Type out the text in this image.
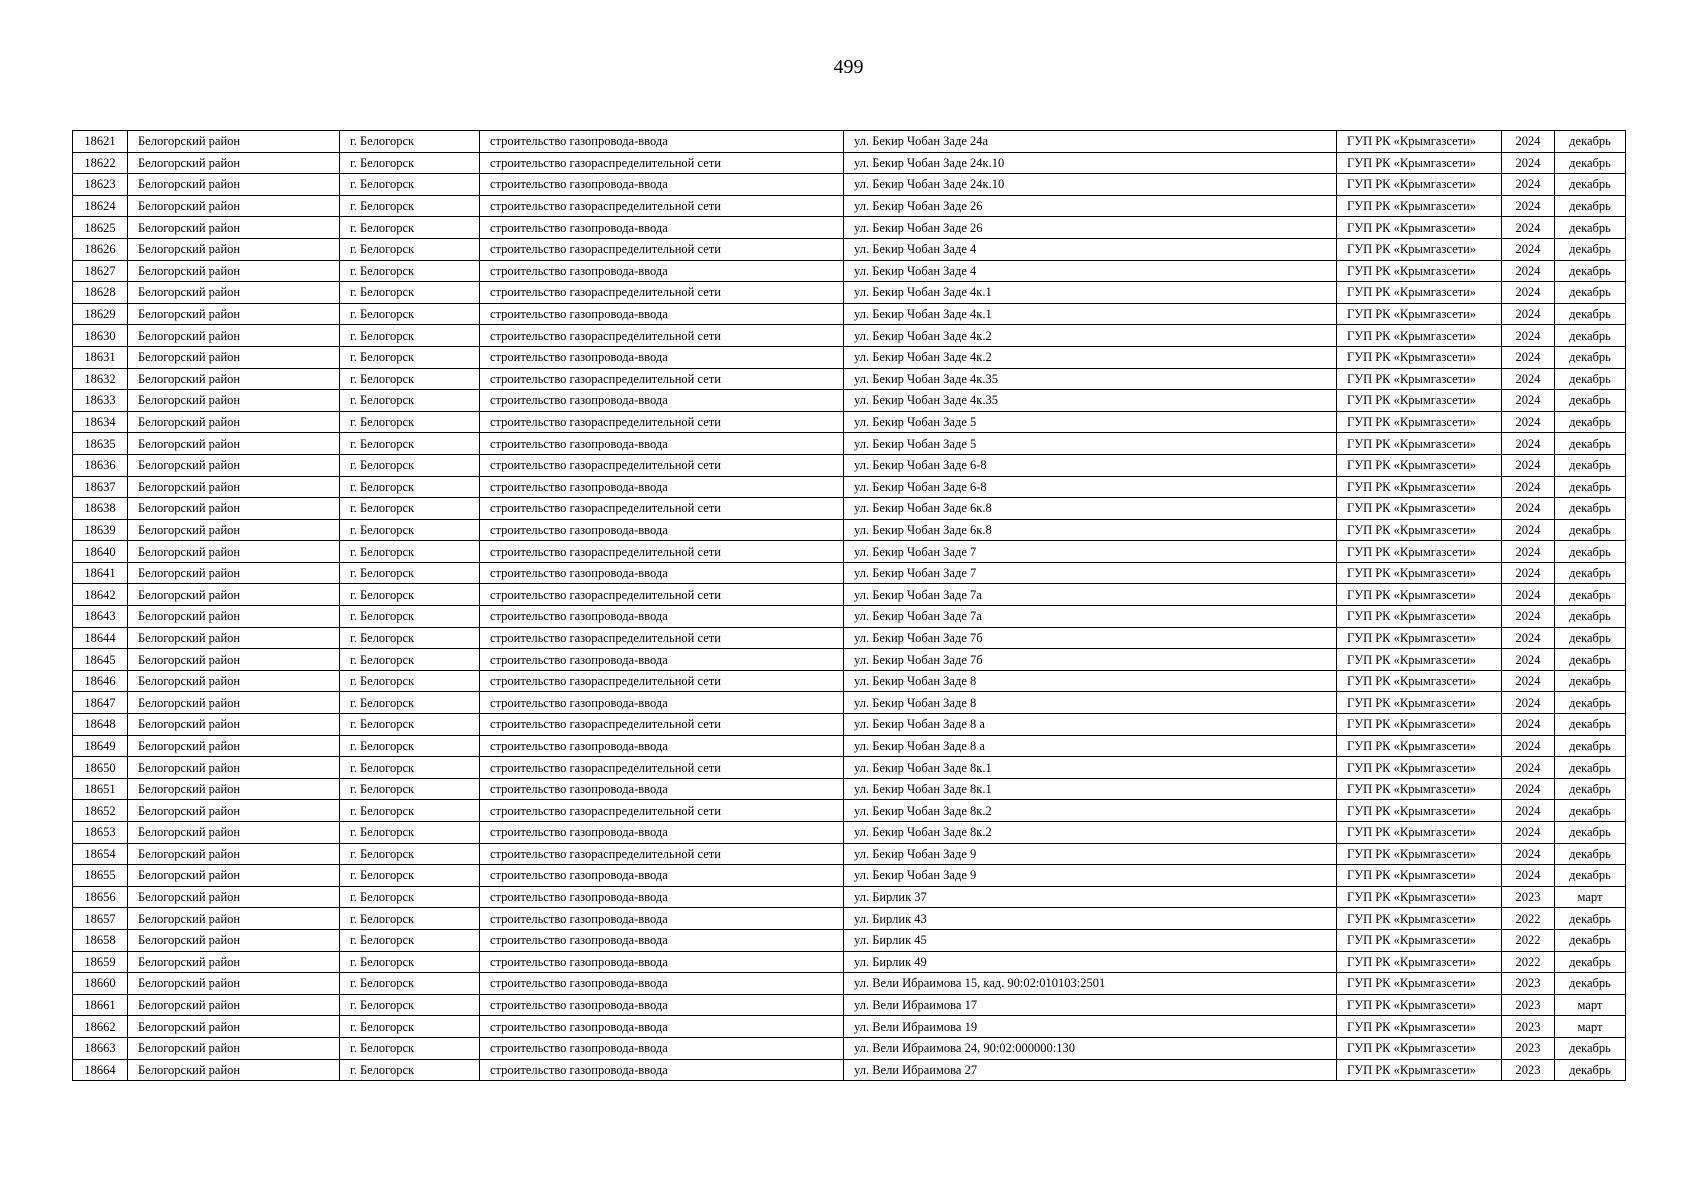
499
18621	Белогорский район	г. Белогорск	строительство газопровода-ввода	ул. Бекир Чобан Заде 24а	ГУП РК «Крымгазсети»	2024	декабрь
18622	Белогорский район	г. Белогорск	строительство газораспределительной сети	ул. Бекир Чобан Заде 24к.10	ГУП РК «Крымгазсети»	2024	декабрь
18623	Белогорский район	г. Белогорск	строительство газопровода-ввода	ул. Бекир Чобан Заде 24к.10	ГУП РК «Крымгазсети»	2024	декабрь
18624	Белогорский район	г. Белогорск	строительство газораспределительной сети	ул. Бекир Чобан Заде 26	ГУП РК «Крымгазсети»	2024	декабрь
18625	Белогорский район	г. Белогорск	строительство газопровода-ввода	ул. Бекир Чобан Заде 26	ГУП РК «Крымгазсети»	2024	декабрь
18626	Белогорский район	г. Белогорск	строительство газораспределительной сети	ул. Бекир Чобан Заде 4	ГУП РК «Крымгазсети»	2024	декабрь
18627	Белогорский район	г. Белогорск	строительство газопровода-ввода	ул. Бекир Чобан Заде 4	ГУП РК «Крымгазсети»	2024	декабрь
18628	Белогорский район	г. Белогорск	строительство газораспределительной сети	ул. Бекир Чобан Заде 4к.1	ГУП РК «Крымгазсети»	2024	декабрь
18629	Белогорский район	г. Белогорск	строительство газопровода-ввода	ул. Бекир Чобан Заде 4к.1	ГУП РК «Крымгазсети»	2024	декабрь
18630	Белогорский район	г. Белогорск	строительство газораспределительной сети	ул. Бекир Чобан Заде 4к.2	ГУП РК «Крымгазсети»	2024	декабрь
18631	Белогорский район	г. Белогорск	строительство газопровода-ввода	ул. Бекир Чобан Заде 4к.2	ГУП РК «Крымгазсети»	2024	декабрь
18632	Белогорский район	г. Белогорск	строительство газораспределительной сети	ул. Бекир Чобан Заде 4к.35	ГУП РК «Крымгазсети»	2024	декабрь
18633	Белогорский район	г. Белогорск	строительство газопровода-ввода	ул. Бекир Чобан Заде 4к.35	ГУП РК «Крымгазсети»	2024	декабрь
18634	Белогорский район	г. Белогорск	строительство газораспределительной сети	ул. Бекир Чобан Заде 5	ГУП РК «Крымгазсети»	2024	декабрь
18635	Белогорский район	г. Белогорск	строительство газопровода-ввода	ул. Бекир Чобан Заде 5	ГУП РК «Крымгазсети»	2024	декабрь
18636	Белогорский район	г. Белогорск	строительство газораспределительной сети	ул. Бекир Чобан Заде 6-8	ГУП РК «Крымгазсети»	2024	декабрь
18637	Белогорский район	г. Белогорск	строительство газопровода-ввода	ул. Бекир Чобан Заде 6-8	ГУП РК «Крымгазсети»	2024	декабрь
18638	Белогорский район	г. Белогорск	строительство газораспределительной сети	ул. Бекир Чобан Заде 6к.8	ГУП РК «Крымгазсети»	2024	декабрь
18639	Белогорский район	г. Белогорск	строительство газопровода-ввода	ул. Бекир Чобан Заде 6к.8	ГУП РК «Крымгазсети»	2024	декабрь
18640	Белогорский район	г. Белогорск	строительство газораспределительной сети	ул. Бекир Чобан Заде 7	ГУП РК «Крымгазсети»	2024	декабрь
18641	Белогорский район	г. Белогорск	строительство газопровода-ввода	ул. Бекир Чобан Заде 7	ГУП РК «Крымгазсети»	2024	декабрь
18642	Белогорский район	г. Белогорск	строительство газораспределительной сети	ул. Бекир Чобан Заде 7а	ГУП РК «Крымгазсети»	2024	декабрь
18643	Белогорский район	г. Белогорск	строительство газопровода-ввода	ул. Бекир Чобан Заде 7а	ГУП РК «Крымгазсети»	2024	декабрь
18644	Белогорский район	г. Белогорск	строительство газораспределительной сети	ул. Бекир Чобан Заде 7б	ГУП РК «Крымгазсети»	2024	декабрь
18645	Белогорский район	г. Белогорск	строительство газопровода-ввода	ул. Бекир Чобан Заде 7б	ГУП РК «Крымгазсети»	2024	декабрь
18646	Белогорский район	г. Белогорск	строительство газораспределительной сети	ул. Бекир Чобан Заде 8	ГУП РК «Крымгазсети»	2024	декабрь
18647	Белогорский район	г. Белогорск	строительство газопровода-ввода	ул. Бекир Чобан Заде 8	ГУП РК «Крымгазсети»	2024	декабрь
18648	Белогорский район	г. Белогорск	строительство газораспределительной сети	ул. Бекир Чобан Заде 8 а	ГУП РК «Крымгазсети»	2024	декабрь
18649	Белогорский район	г. Белогорск	строительство газопровода-ввода	ул. Бекир Чобан Заде 8 а	ГУП РК «Крымгазсети»	2024	декабрь
18650	Белогорский район	г. Белогорск	строительство газораспределительной сети	ул. Бекир Чобан Заде 8к.1	ГУП РК «Крымгазсети»	2024	декабрь
18651	Белогорский район	г. Белогорск	строительство газопровода-ввода	ул. Бекир Чобан Заде 8к.1	ГУП РК «Крымгазсети»	2024	декабрь
18652	Белогорский район	г. Белогорск	строительство газораспределительной сети	ул. Бекир Чобан Заде 8к.2	ГУП РК «Крымгазсети»	2024	декабрь
18653	Белогорский район	г. Белогорск	строительство газопровода-ввода	ул. Бекир Чобан Заде 8к.2	ГУП РК «Крымгазсети»	2024	декабрь
18654	Белогорский район	г. Белогорск	строительство газораспределительной сети	ул. Бекир Чобан Заде 9	ГУП РК «Крымгазсети»	2024	декабрь
18655	Белогорский район	г. Белогорск	строительство газопровода-ввода	ул. Бекир Чобан Заде 9	ГУП РК «Крымгазсети»	2024	декабрь
18656	Белогорский район	г. Белогорск	строительство газопровода-ввода	ул. Бирлик 37	ГУП РК «Крымгазсети»	2023	март
18657	Белогорский район	г. Белогорск	строительство газопровода-ввода	ул. Бирлик 43	ГУП РК «Крымгазсети»	2022	декабрь
18658	Белогорский район	г. Белогорск	строительство газопровода-ввода	ул. Бирлик 45	ГУП РК «Крымгазсети»	2022	декабрь
18659	Белогорский район	г. Белогорск	строительство газопровода-ввода	ул. Бирлик 49	ГУП РК «Крымгазсети»	2022	декабрь
18660	Белогорский район	г. Белогорск	строительство газопровода-ввода	ул. Вели Ибраимова 15, кад. 90:02:010103:2501	ГУП РК «Крымгазсети»	2023	декабрь
18661	Белогорский район	г. Белогорск	строительство газопровода-ввода	ул. Вели Ибраимова 17	ГУП РК «Крымгазсети»	2023	март
18662	Белогорский район	г. Белогорск	строительство газопровода-ввода	ул. Вели Ибраимова 19	ГУП РК «Крымгазсети»	2023	март
18663	Белогорский район	г. Белогорск	строительство газопровода-ввода	ул. Вели Ибраимова 24, 90:02:000000:130	ГУП РК «Крымгазсети»	2023	декабрь
18664	Белогорский район	г. Белогорск	строительство газопровода-ввода	ул. Вели Ибраимова 27	ГУП РК «Крымгазсети»	2023	декабрь
